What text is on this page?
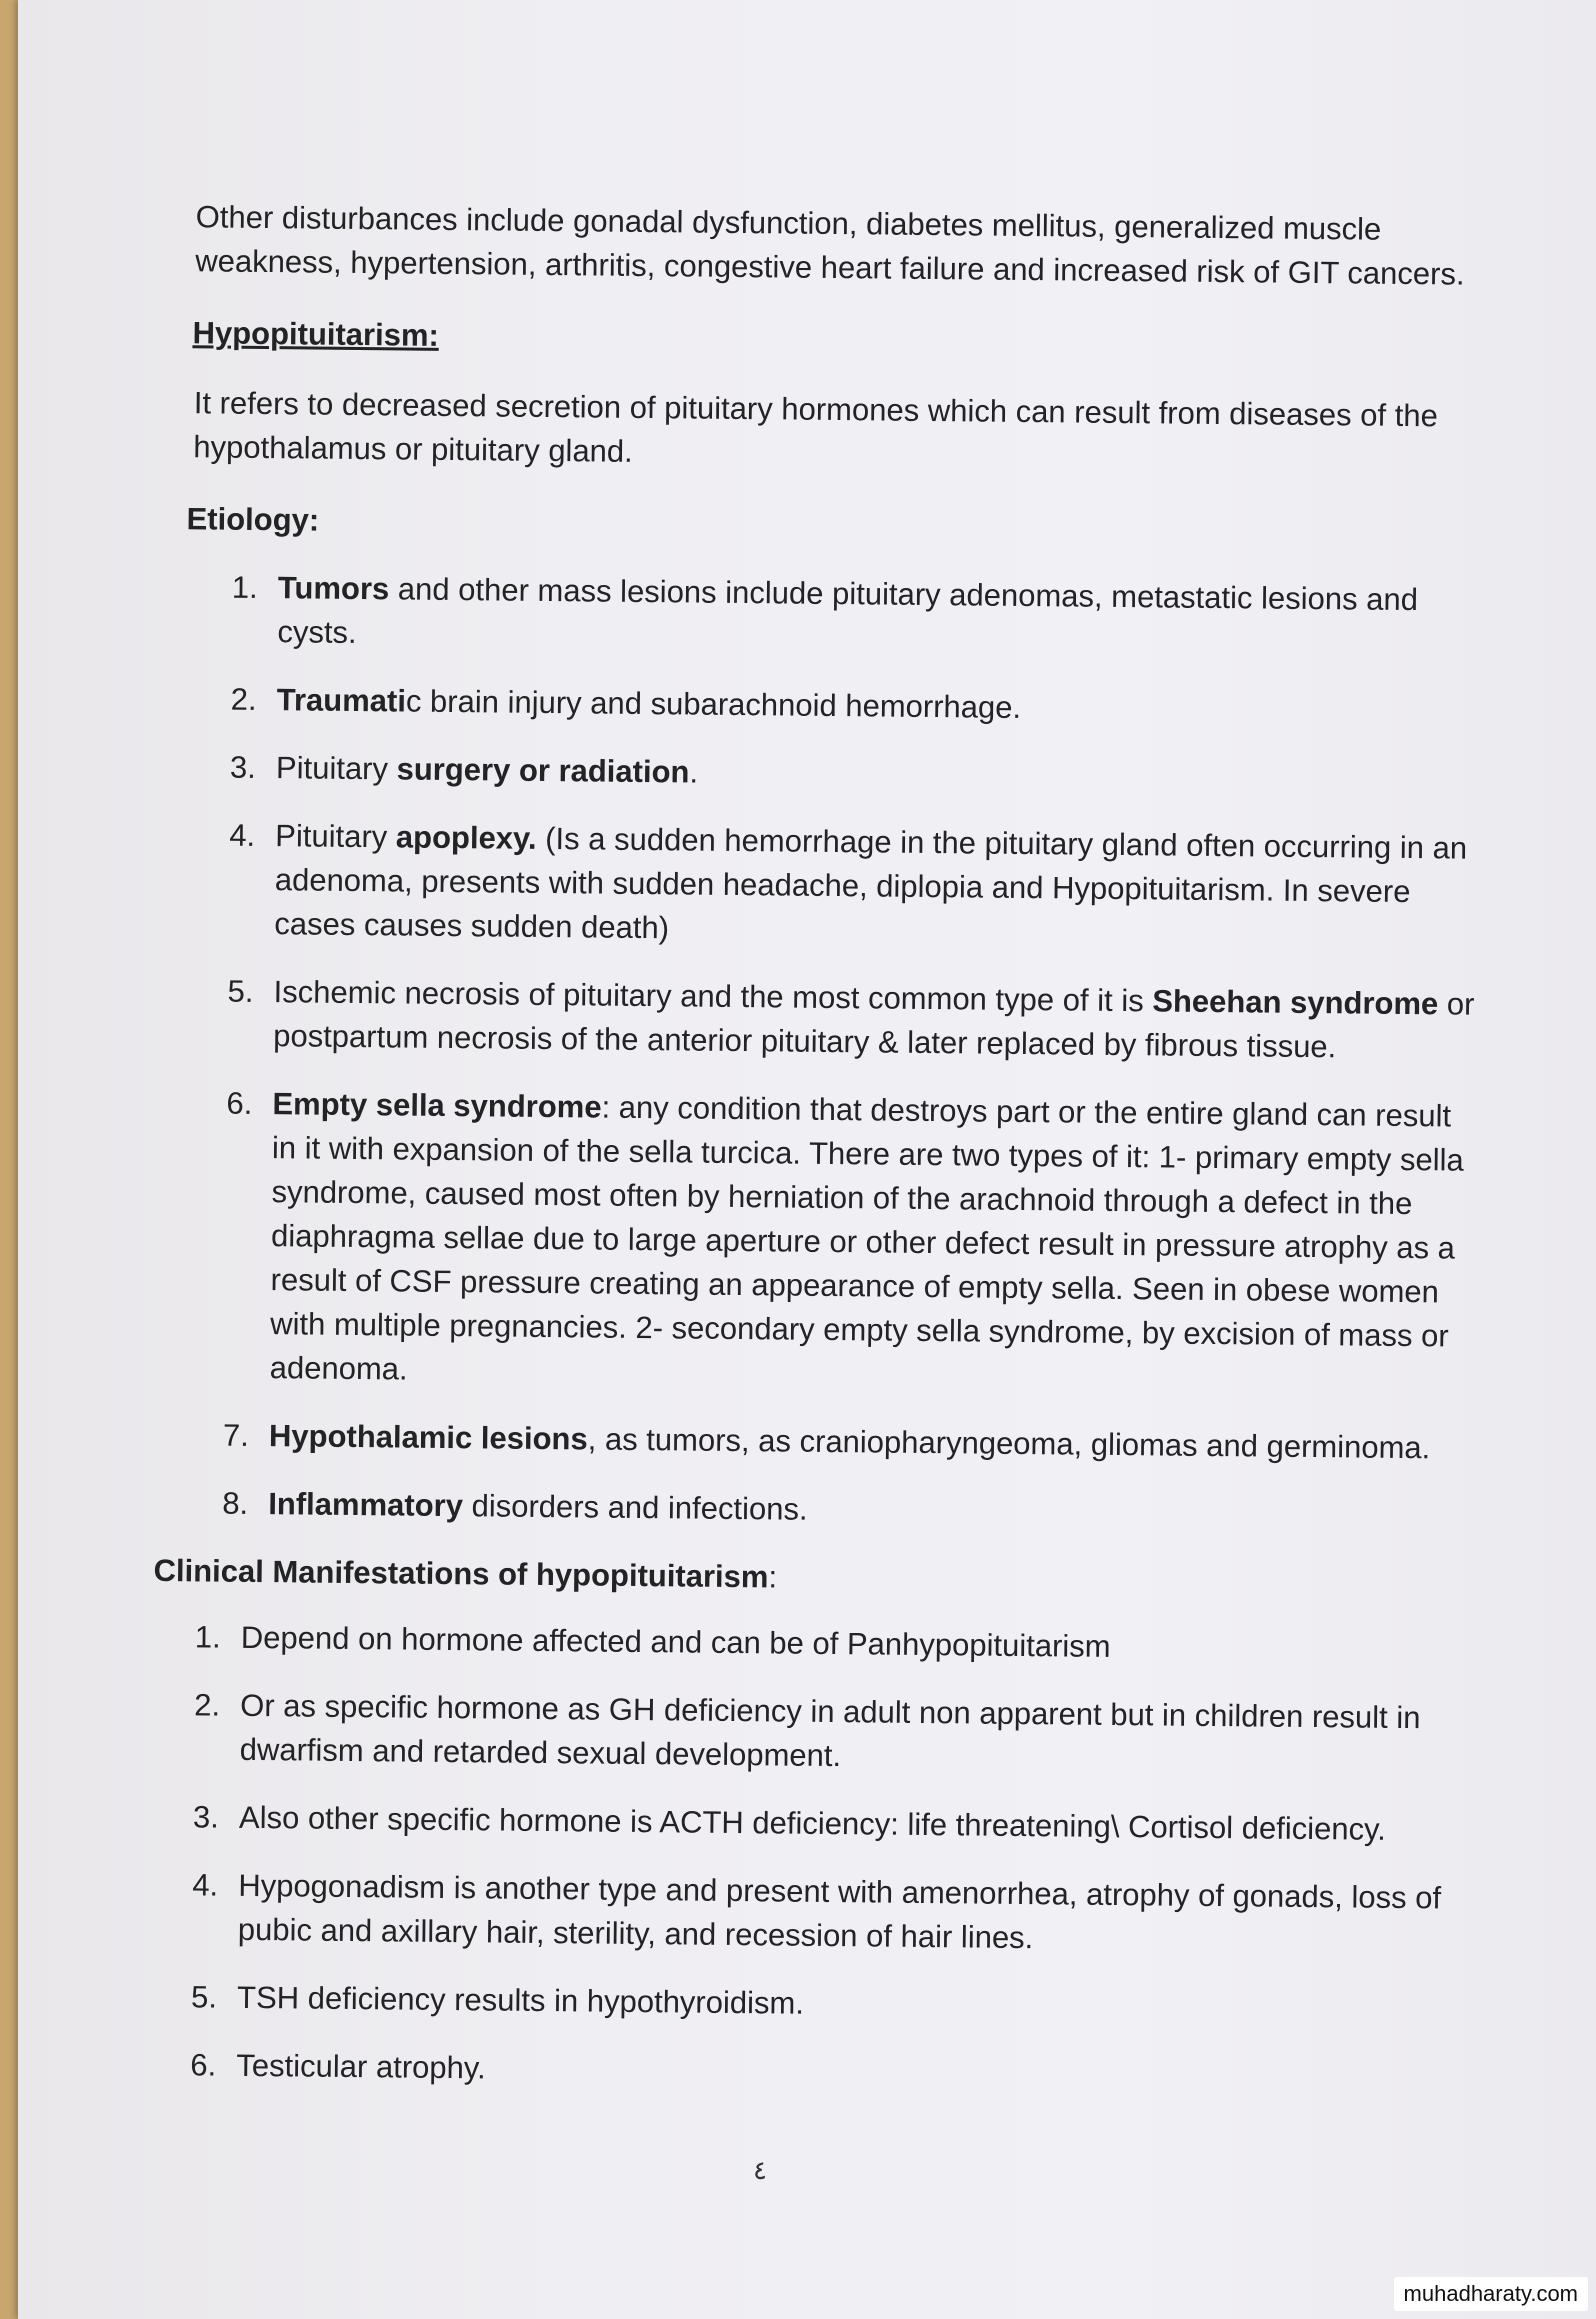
Other disturbances include gonadal dysfunction, diabetes mellitus, generalized muscle weakness, hypertension, arthritis, congestive heart failure and increased risk of GIT cancers.

Hypopituitarism:

It refers to decreased secretion of pituitary hormones which can result from diseases of the hypothalamus or pituitary gland.

Etiology:
1. Tumors and other mass lesions include pituitary adenomas, metastatic lesions and cysts.
2. Traumatic brain injury and subarachnoid hemorrhage.
3. Pituitary surgery or radiation.
4. Pituitary apoplexy. (Is a sudden hemorrhage in the pituitary gland often occurring in an adenoma, presents with sudden headache, diplopia and Hypopituitarism. In severe cases causes sudden death)
5. Ischemic necrosis of pituitary and the most common type of it is Sheehan syndrome or postpartum necrosis of the anterior pituitary & later replaced by fibrous tissue.
6. Empty sella syndrome: any condition that destroys part or the entire gland can result in it with expansion of the sella turcica. There are two types of it: 1- primary empty sella syndrome, caused most often by herniation of the arachnoid through a defect in the diaphragma sellae due to large aperture or other defect result in pressure atrophy as a result of CSF pressure creating an appearance of empty sella. Seen in obese women with multiple pregnancies. 2- secondary empty sella syndrome, by excision of mass or adenoma.
7. Hypothalamic lesions, as tumors, as craniopharyngeoma, gliomas and germinoma.
8. Inflammatory disorders and infections.
Clinical Manifestations of hypopituitarism:
1. Depend on hormone affected and can be of Panhypopituitarism
2. Or as specific hormone as GH deficiency in adult non apparent but in children result in dwarfism and retarded sexual development.
3. Also other specific hormone is ACTH deficiency: life threatening\ Cortisol deficiency.
4. Hypogonadism is another type and present with amenorrhea, atrophy of gonads, loss of pubic and axillary hair, sterility, and recession of hair lines.
5. TSH deficiency results in hypothyroidism.
6. Testicular atrophy.
٤
muhadharaty.com
